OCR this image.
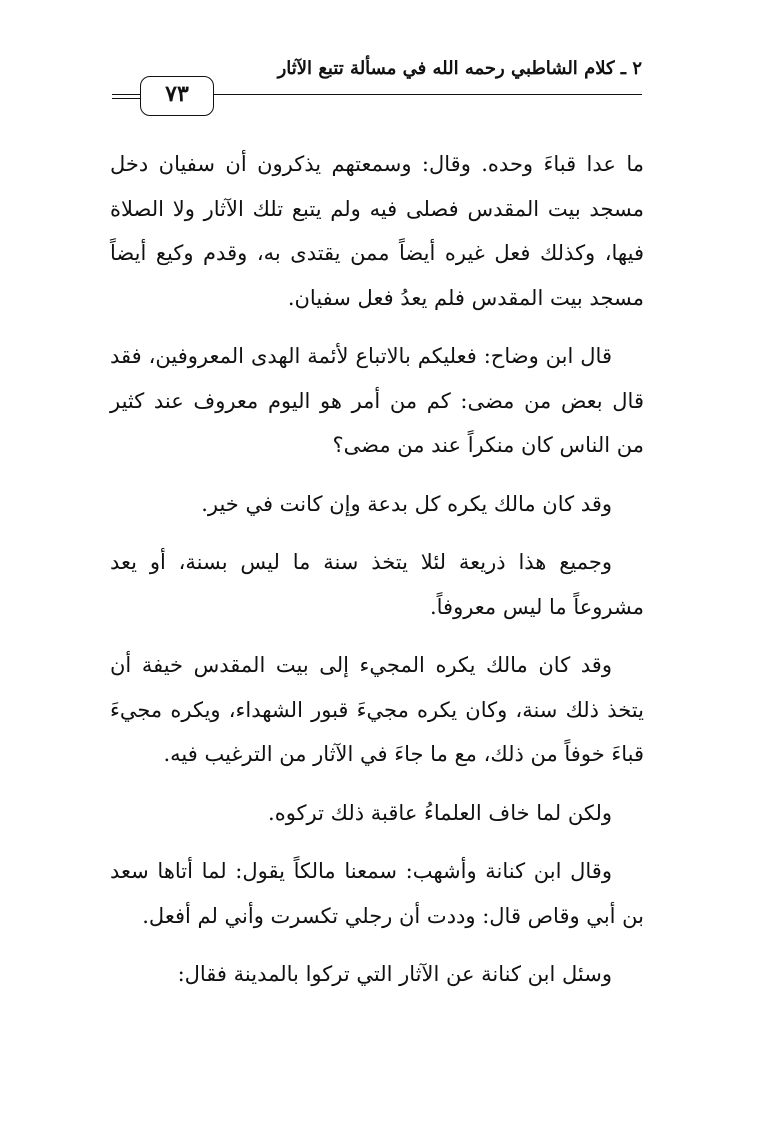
٢ ـ كلام الشاطبي رحمه الله في مسألة تتبع الآثار
٧٣

ما عدا قباءَ وحده. وقال: وسمعتهم يذكرون أن سفيان دخل مسجد بيت المقدس فصلى فيه ولم يتبع تلك الآثار ولا الصلاة فيها، وكذلك فعل غيره أيضاً ممن يقتدى به، وقدم وكيع أيضاً مسجد بيت المقدس فلم يعدُ فعل سفيان.

قال ابن وضاح: فعليكم بالاتباع لأئمة الهدى المعروفين، فقد قال بعض من مضى: كم من أمر هو اليوم معروف عند كثير من الناس كان منكراً عند من مضى؟

وقد كان مالك يكره كل بدعة وإن كانت في خير.

وجميع هذا ذريعة لئلا يتخذ سنة ما ليس بسنة، أو يعد مشروعاً ما ليس معروفاً.

وقد كان مالك يكره المجيء إلى بيت المقدس خيفة أن يتخذ ذلك سنة، وكان يكره مجيءَ قبور الشهداء، ويكره مجيءَ قباءَ خوفاً من ذلك، مع ما جاءَ في الآثار من الترغيب فيه.

ولكن لما خاف العلماءُ عاقبة ذلك تركوه.

وقال ابن كنانة وأشهب: سمعنا مالكاً يقول: لما أتاها سعد بن أبي وقاص قال: وددت أن رجلي تكسرت وأني لم أفعل.

وسئل ابن كنانة عن الآثار التي تركوا بالمدينة فقال:
